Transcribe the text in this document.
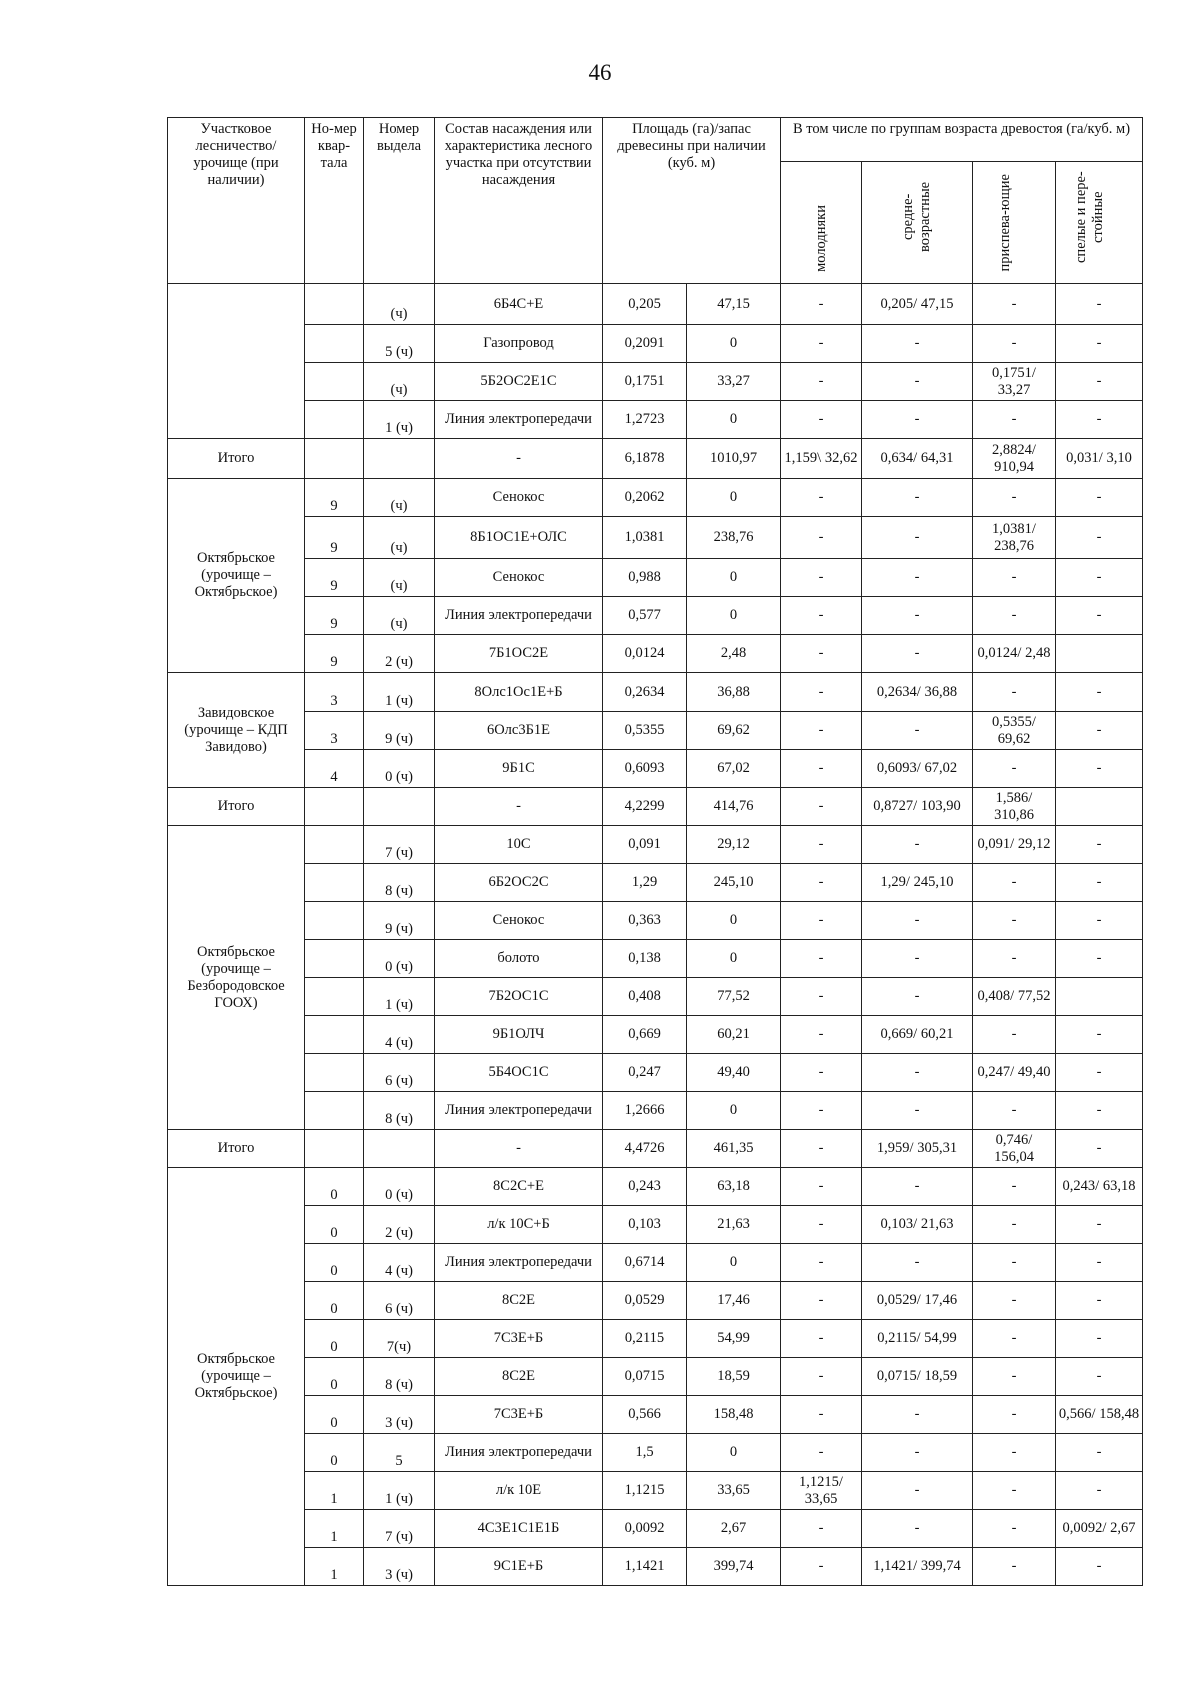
46
Участковое лесничество/ урочище (при наличии)	Но-мер квар-тала	Номер выдела	Состав насаждения или характеристика лесного участка при отсутствии насаждения	Площадь (га)/запас древесины при наличии (куб. м)		В том числе по группам возраста древостоя (га/куб. м)			
						молодняки	средне-возрастные	приспева-ющие	спелые и пере-стойные
		(ч)	6Б4С+Е	0,205	47,15	-	0,205/ 47,15	-	-
		5 (ч)	Газопровод	0,2091	0	-	-	-	-
		(ч)	5Б2ОС2Е1С	0,1751	33,27	-	-	0,1751/ 33,27	-
		1 (ч)	Линия электропередачи	1,2723	0	-	-	-	-
Итого			-	6,1878	1010,97	1,159\ 32,62	0,634/ 64,31	2,8824/ 910,94	0,031/ 3,10
Октябрьское (урочище – Октябрьское)	9	(ч)	Сенокос	0,2062	0	-	-	-	-
	9	(ч)	8Б1ОС1Е+ОЛС	1,0381	238,76	-	-	1,0381/ 238,76	-
	9	(ч)	Сенокос	0,988	0	-	-	-	-
	9	(ч)	Линия электропередачи	0,577	0	-	-	-	-
	9	2 (ч)	7Б1ОС2Е	0,0124	2,48	-	-	0,0124/ 2,48	
Завидовское (урочище – КДП Завидово)	3	1 (ч)	8Олс1Ос1Е+Б	0,2634	36,88	-	0,2634/ 36,88	-	-
	3	9 (ч)	6Олс3Б1Е	0,5355	69,62	-	-	0,5355/ 69,62	-
	4	0 (ч)	9Б1С	0,6093	67,02	-	0,6093/ 67,02	-	-
Итого			-	4,2299	414,76	-	0,8727/ 103,90	1,586/ 310,86	
Октябрьское (урочище – Безбородовское ГООХ)		7 (ч)	10С	0,091	29,12	-	-	0,091/ 29,12	-
		8 (ч)	6Б2ОС2С	1,29	245,10	-	1,29/ 245,10	-	-
		9 (ч)	Сенокос	0,363	0	-	-	-	-
		0 (ч)	болото	0,138	0	-	-	-	-
		1 (ч)	7Б2ОС1С	0,408	77,52	-	-	0,408/ 77,52	
		4 (ч)	9Б1ОЛЧ	0,669	60,21	-	0,669/ 60,21	-	-
		6 (ч)	5Б4ОС1С	0,247	49,40	-	-	0,247/ 49,40	-
		8 (ч)	Линия электропередачи	1,2666	0	-	-	-	-
Итого			-	4,4726	461,35	-	1,959/ 305,31	0,746/ 156,04	-
Октябрьское (урочище – Октябрьское)	0	0 (ч)	8С2С+Е	0,243	63,18	-	-	-	0,243/ 63,18
	0	2 (ч)	л/к 10С+Б	0,103	21,63	-	0,103/ 21,63	-	-
	0	4 (ч)	Линия электропередачи	0,6714	0	-	-	-	-
	0	6 (ч)	8С2Е	0,0529	17,46	-	0,0529/ 17,46	-	-
	0	7(ч)	7С3Е+Б	0,2115	54,99	-	0,2115/ 54,99	-	-
	0	8 (ч)	8С2Е	0,0715	18,59	-	0,0715/ 18,59	-	-
	0	3 (ч)	7С3Е+Б	0,566	158,48	-	-	-	0,566/ 158,48
	0	5	Линия электропередачи	1,5	0	-	-	-	-
	1	1 (ч)	л/к 10Е	1,1215	33,65	1,1215/ 33,65	-	-	-
	1	7 (ч)	4С3Е1С1Е1Б	0,0092	2,67	-	-	-	0,0092/ 2,67
	1	3 (ч)	9С1Е+Б	1,1421	399,74	-	1,1421/ 399,74	-	-
